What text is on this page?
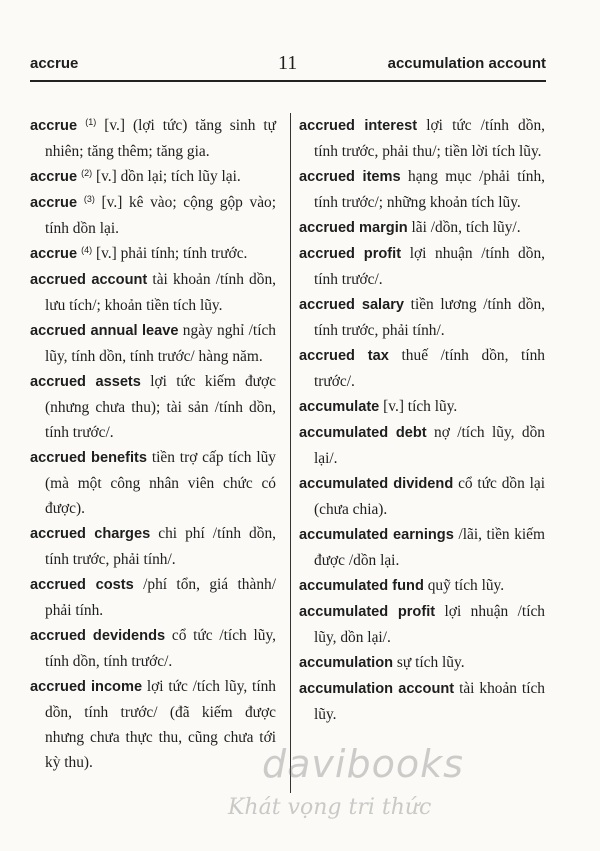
accrue	11	accumulation account

accrue $^{(1)}$ [v.] (lợi tức) tăng sinh tự nhiên; tăng thêm; tăng gia.

accrue $^{(2)}$ [v.] dồn lại; tích lũy lại.

accrue $^{(3)}$ [v.] kê vào; cộng gộp vào; tính dồn lại.

accrue $^{(4)}$ [v.] phải tính; tính trước.

accrued account tài khoản /tính dồn, lưu tích/; khoản tiền tích lũy.

accrued annual leave ngày nghỉ /tích lũy, tính dồn, tính trước/ hàng năm.

accrued assets lợi tức kiếm được (nhưng chưa thu); tài sản /tính dồn, tính trước/.

accrued benefits tiền trợ cấp tích lũy (mà một công nhân viên chức có được).

accrued charges chi phí /tính dồn, tính trước, phải tính/.

accrued costs /phí tổn, giá thành/ phải tính.

accrued devidends cổ tức /tích lũy, tính dồn, tính trước/.

accrued income lợi tức /tích lũy, tính dồn, tính trước/ (đã kiếm được nhưng chưa thực thu, cũng chưa tới kỳ thu).

accrued interest lợi tức /tính dồn, tính trước, phải thu/; tiền lời tích lũy.

accrued items hạng mục /phải tính, tính trước/; những khoản tích lũy.

accrued margin lãi /dồn, tích lũy/.

accrued profit lợi nhuận /tính dồn, tính trước/.

accrued salary tiền lương /tính dồn, tính trước, phải tính/.

accrued tax thuế /tính dồn, tính trước/.

accumulate [v.] tích lũy.

accumulated debt nợ /tích lũy, dồn lại/.

accumulated dividend cổ tức dồn lại (chưa chia).

accumulated earnings /lãi, tiền kiếm được /dồn lại.

accumulated fund quỹ tích lũy.

accumulated profit lợi nhuận /tích lũy, dồn lại/.

accumulation sự tích lũy.

accumulation account tài khoản tích lũy.

davibooks
Khát vọng tri thức
